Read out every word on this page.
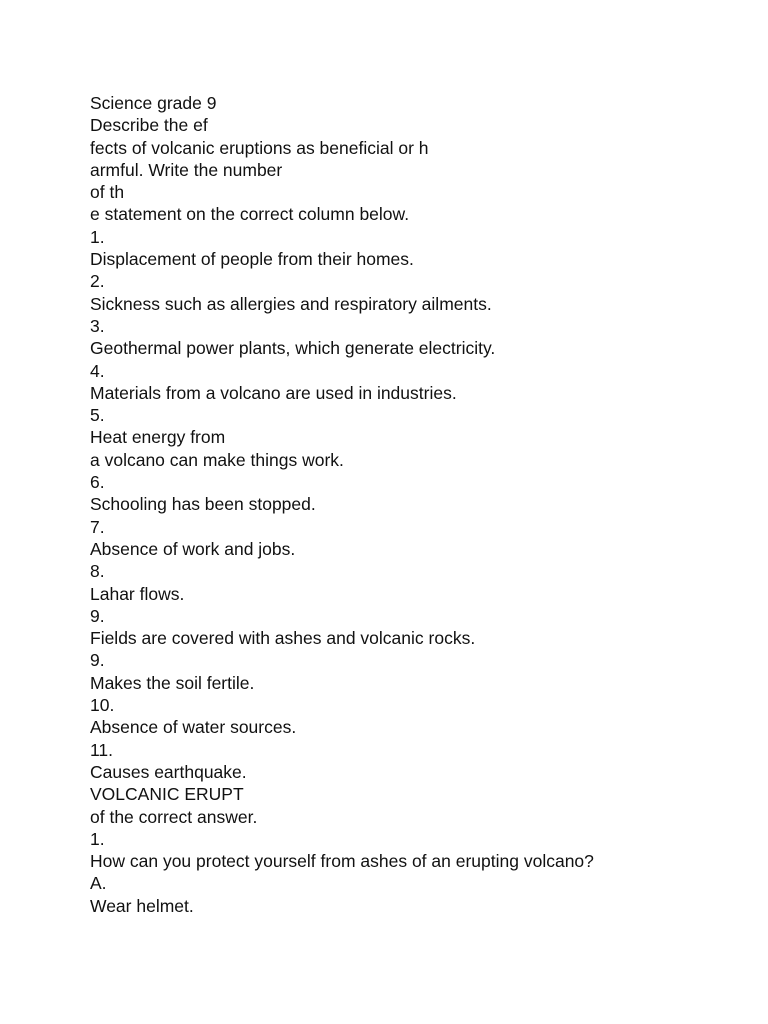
Science grade 9
Describe the ef
fects of volcanic eruptions as beneficial or h
armful. Write the number
of th
e statement on the correct column below.
1.
Displacement of people from their homes.
2.
Sickness such as allergies and respiratory ailments.
3.
Geothermal power plants, which generate electricity.
4.
Materials from a volcano are used in industries.
5.
Heat energy from
a volcano can make things work.
6.
Schooling has been stopped.
7.
Absence of work and jobs.
8.
Lahar flows.
9.
Fields are covered with ashes and volcanic rocks.
9.
Makes the soil fertile.
10.
Absence of water sources.
11.
Causes earthquake.
VOLCANIC ERUPT
of the correct answer.
1.
How can you protect yourself from ashes of an erupting volcano?
A.
Wear helmet.
